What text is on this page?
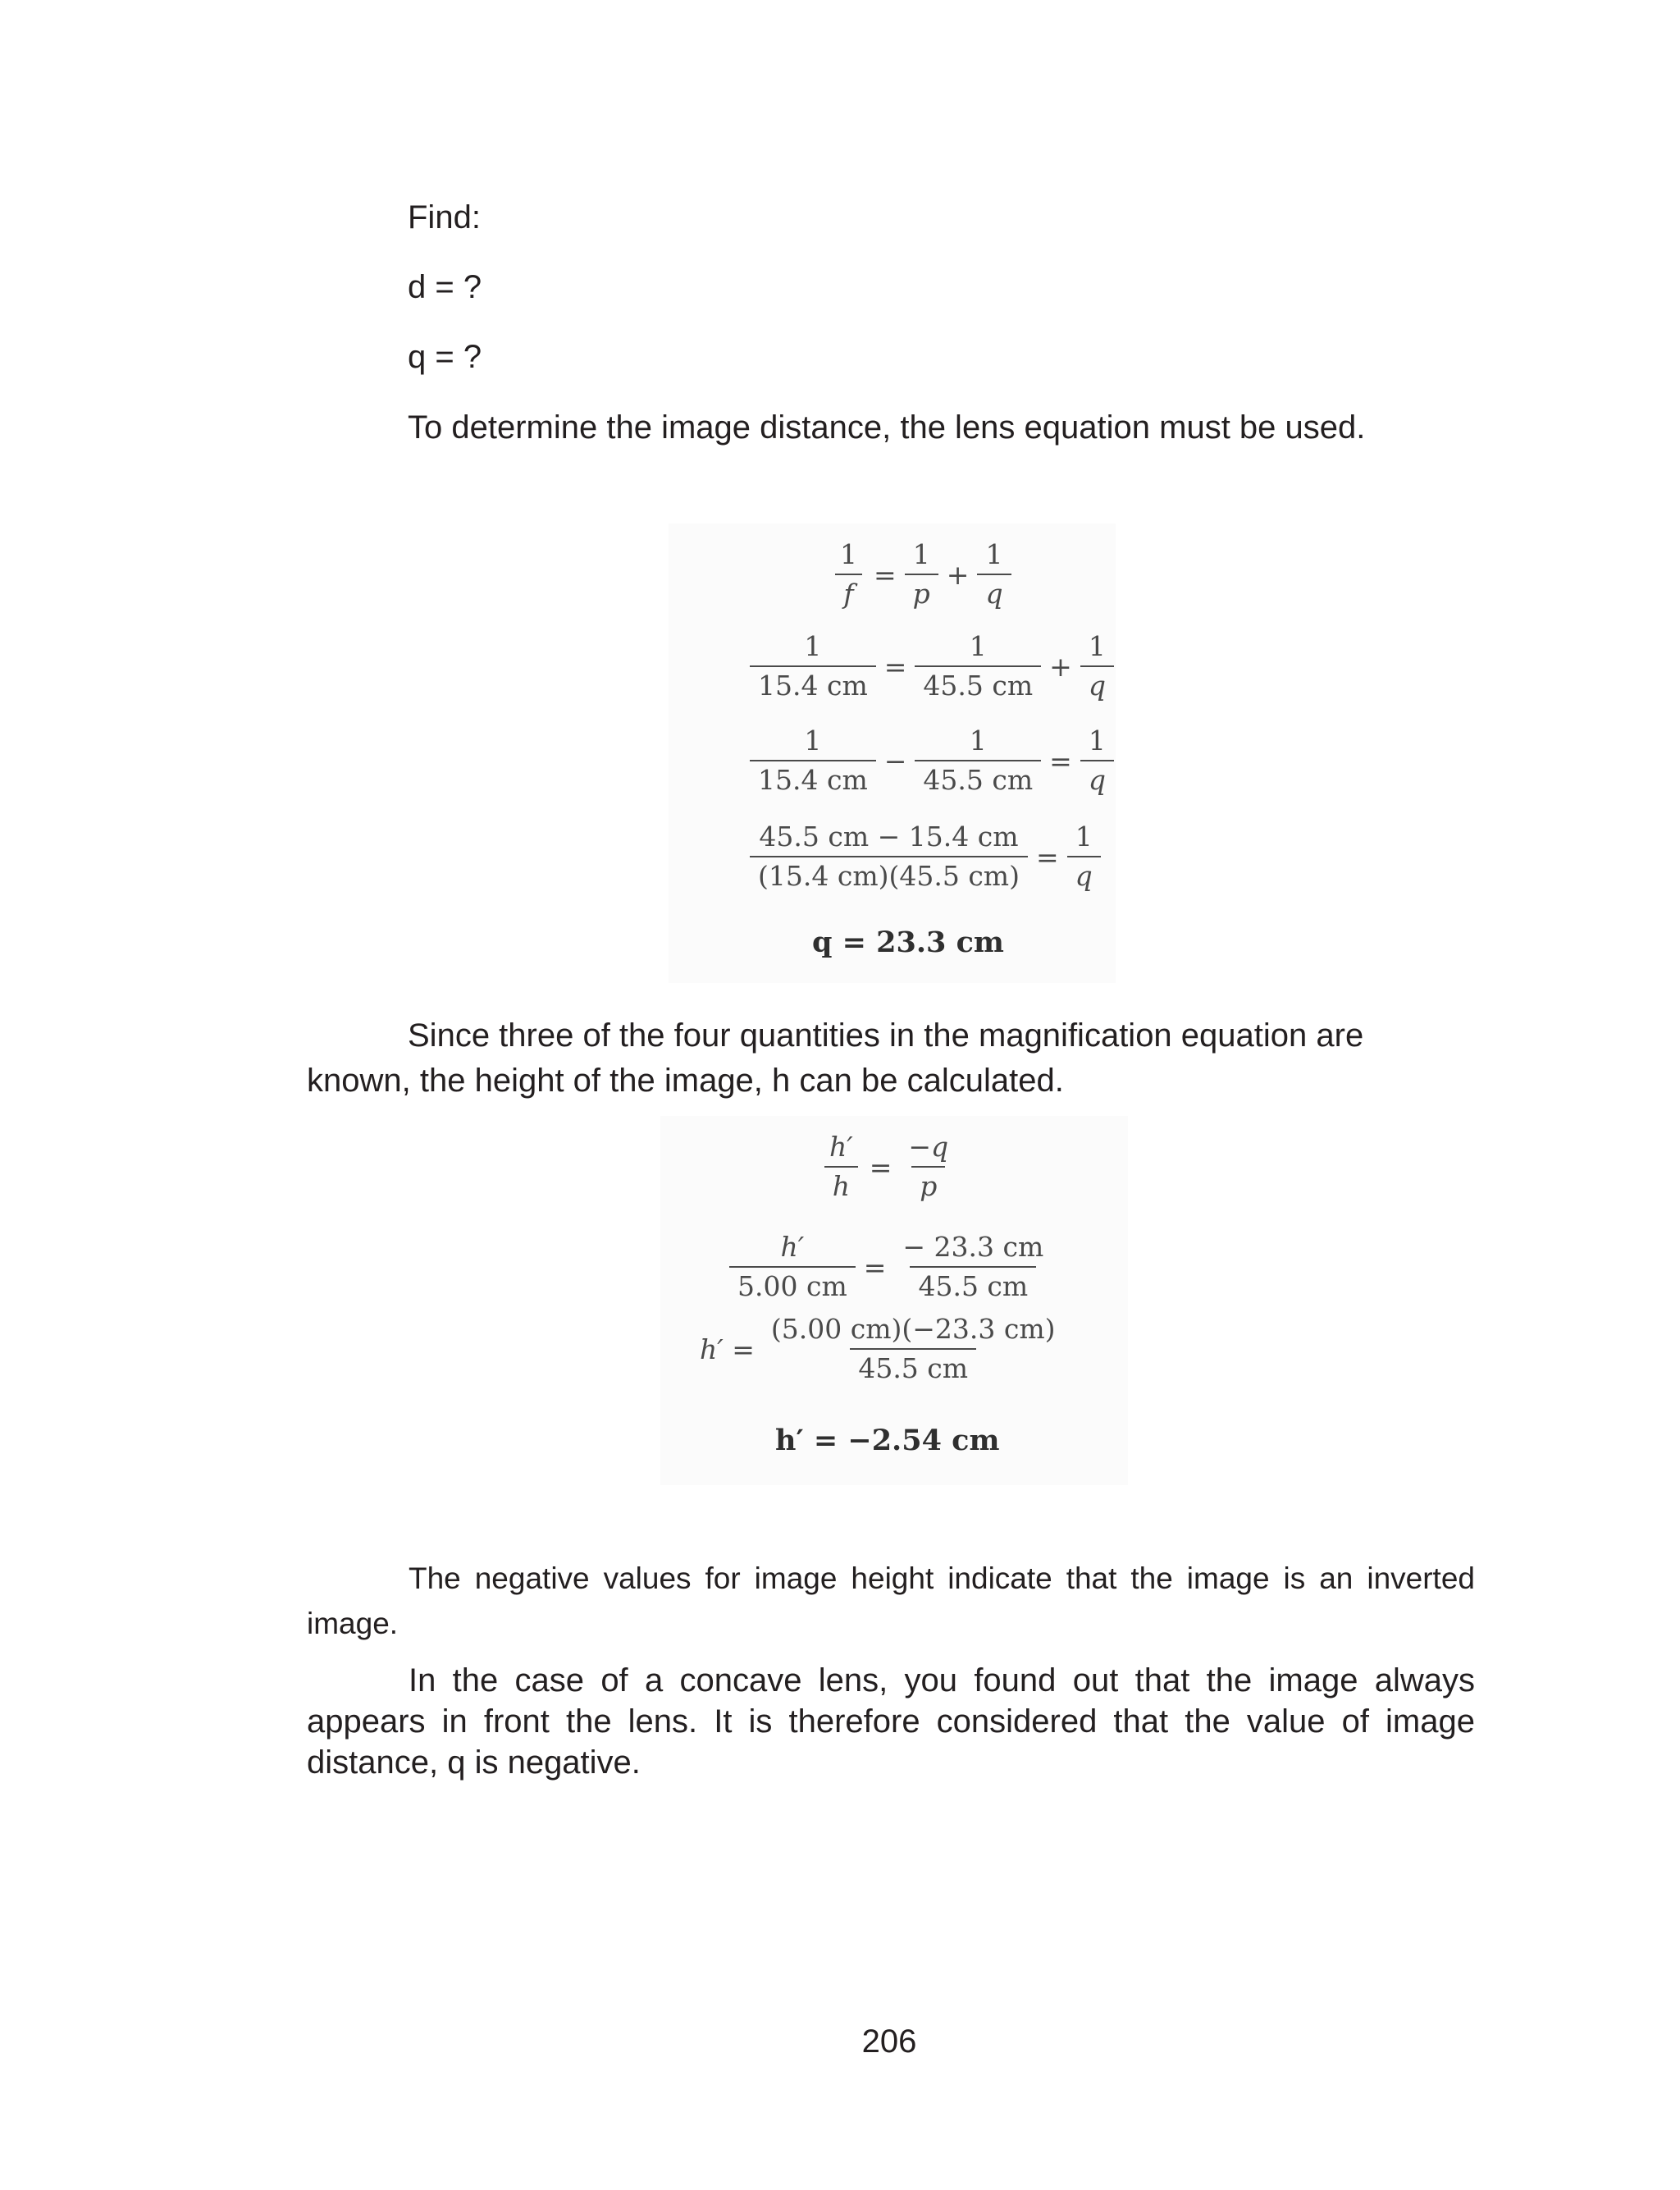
Find:
d = ?
q = ?
To determine the image distance, the lens equation must be used.
$\frac{1}{f} = \frac{1}{p} + \frac{1}{q}$
$\frac{1}{15.4 cm} = \frac{1}{45.5 cm} + \frac{1}{q}$
$\frac{1}{15.4 cm} - \frac{1}{45.5 cm} = \frac{1}{q}$
$\frac{45.5 cm - 15.4 cm}{(15.4 cm)(45.5 cm)} = \frac{1}{q}$
q = 23.3 cm
Since three of the four quantities in the magnification equation are
known, the height of the image, h can be calculated.
$\frac{h'}{h} = \frac{-q}{p}$
$\frac{h'}{5.00 cm} = \frac{- 23.3 cm}{45.5 cm}$
$h' = \frac{(5.00 cm)(-23.3 cm)}{45.5 cm}$
h′ = −2.54 cm
The negative values for image height indicate that the image is an inverted image.
In the case of a concave lens, you found out that the image always appears in front the lens. It is therefore considered that the value of image distance, q is negative.
206
